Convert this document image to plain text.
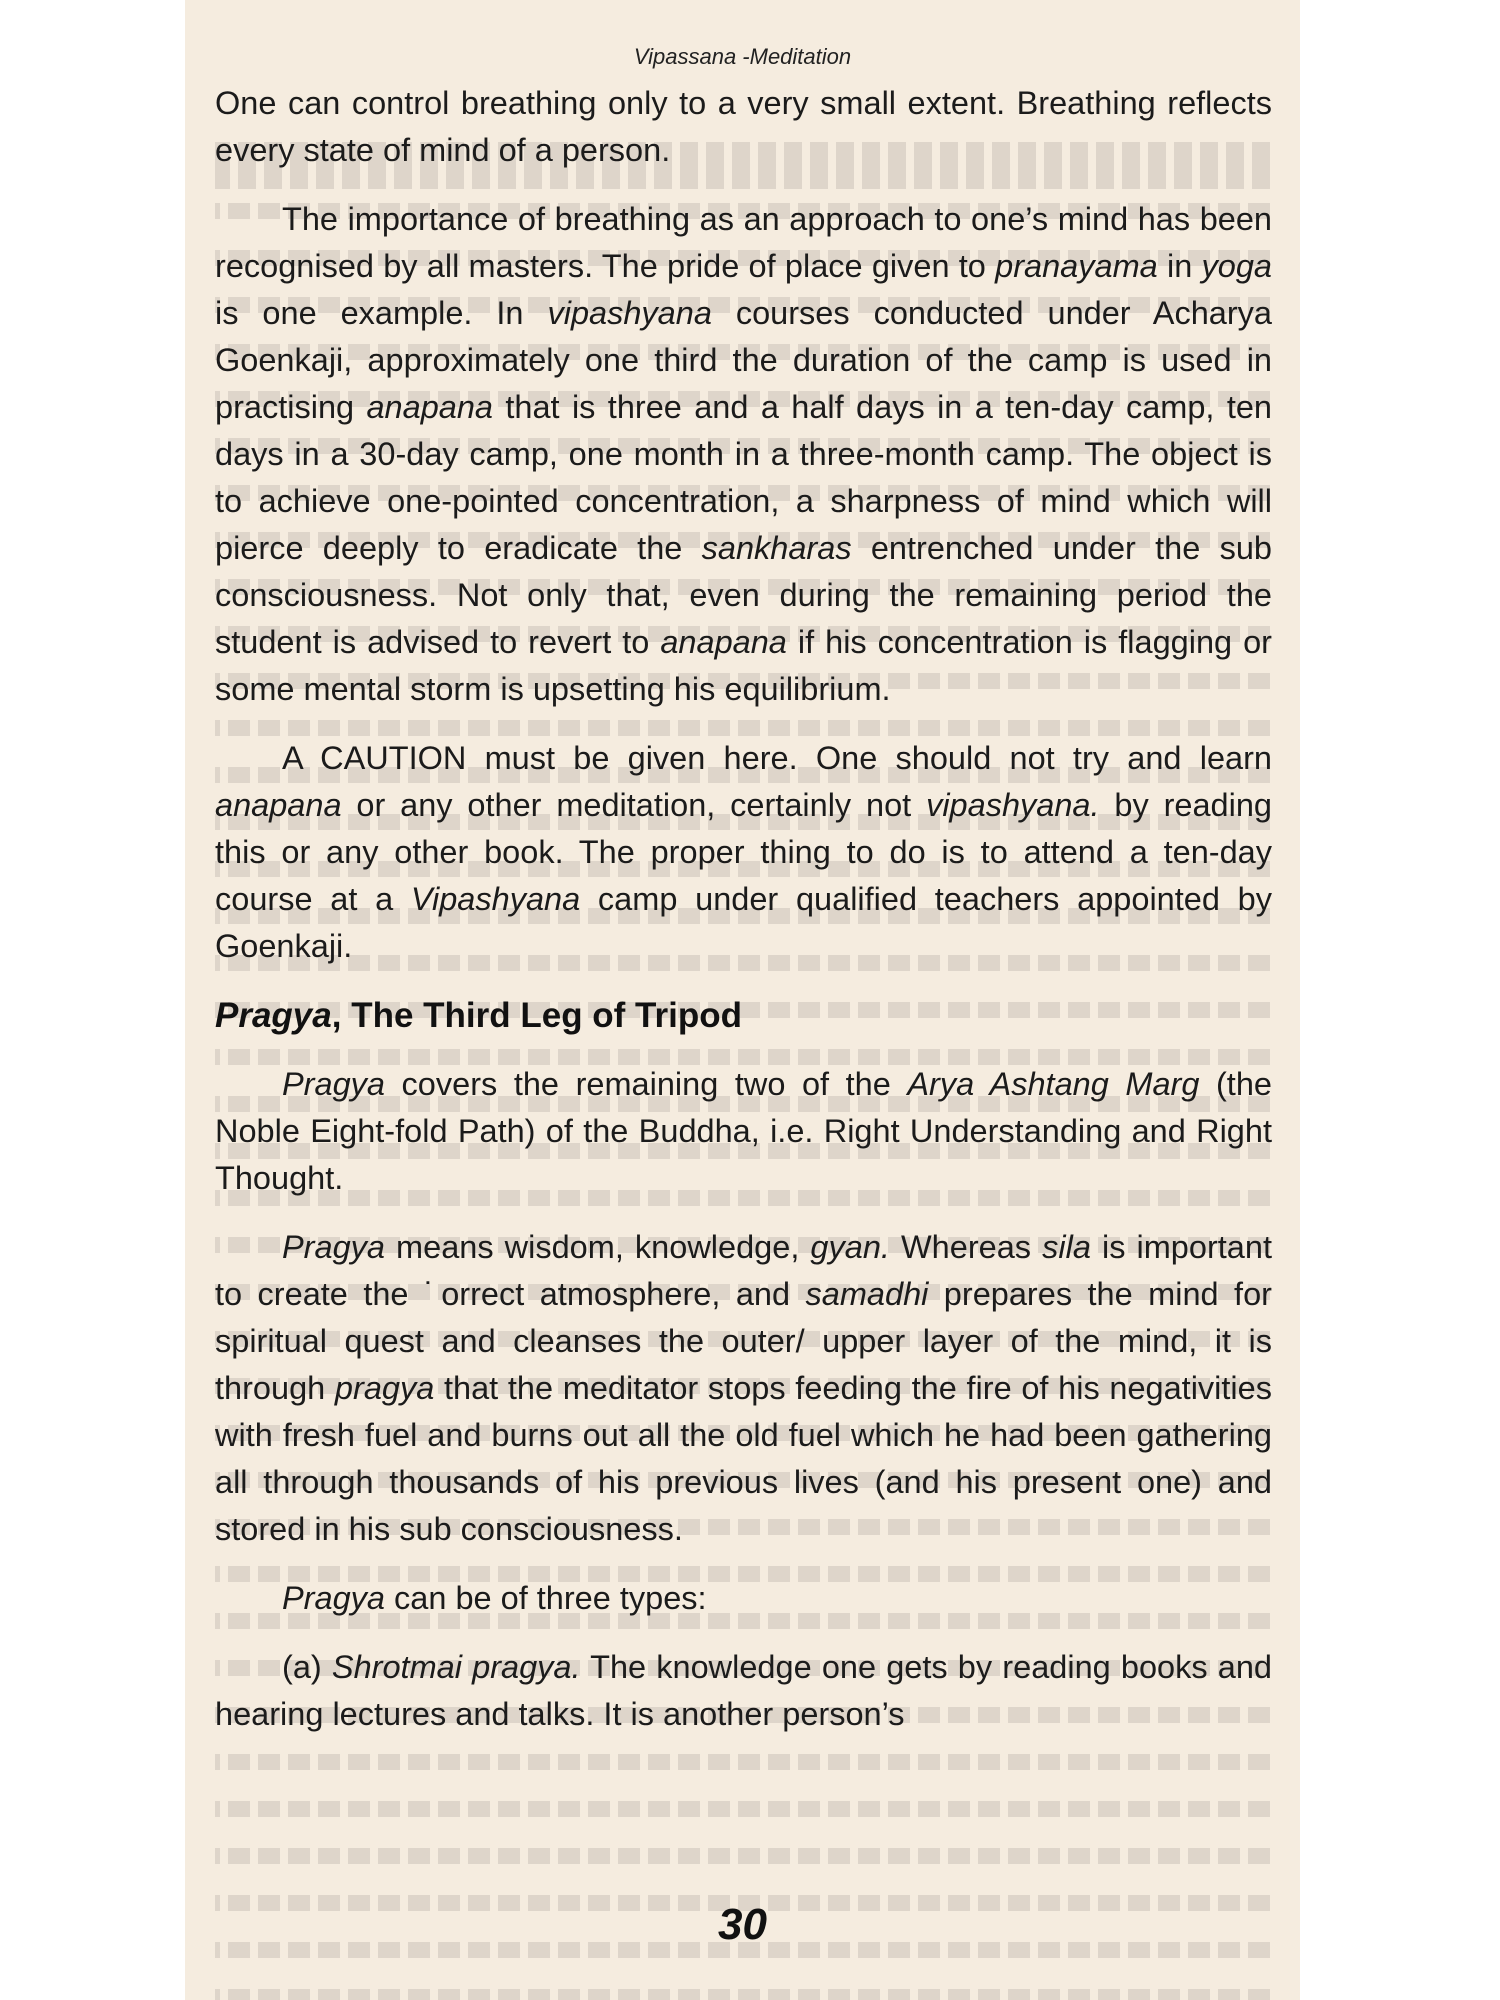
Vipassana -Meditation

One can control breathing only to a very small extent. Breathing reflects every state of mind of a person.

The importance of breathing as an approach to one’s mind has been recognised by all masters. The pride of place given to pranayama in yoga is one example. In vipashyana courses conducted under Acharya Goenkaji, approximately one third the duration of the camp is used in practising anapana that is three and a half days in a ten-day camp, ten days in a 30-day camp, one month in a three-month camp. The object is to achieve one-pointed concentration, a sharpness of mind which will pierce deeply to eradicate the sankharas entrenched under the sub consciousness. Not only that, even during the remaining period the student is advised to revert to anapana if his concentration is flagging or some mental storm is upsetting his equilibrium.

A CAUTION must be given here. One should not try and learn anapana or any other meditation, certainly not vipashyana. by reading this or any other book. The proper thing to do is to attend a ten-day course at a Vipashyana camp under qualified teachers appointed by Goenkaji.

Pragya, The Third Leg of Tripod

Pragya covers the remaining two of the Arya Ashtang Marg (the Noble Eight-fold Path) of the Buddha, i.e. Right Understanding and Right Thought.

Pragya means wisdom, knowledge, gyan. Whereas sila is important to create the ˙orrect atmosphere, and samadhi prepares the mind for spiritual quest and cleanses the outer/ upper layer of the mind, it is through pragya that the meditator stops feeding the fire of his negativities with fresh fuel and burns out all the old fuel which he had been gathering all through thousands of his previous lives (and his present one) and stored in his sub consciousness.

Pragya can be of three types:

(a) Shrotmai pragya. The knowledge one gets by reading books and hearing lectures and talks. It is another person’s

30
